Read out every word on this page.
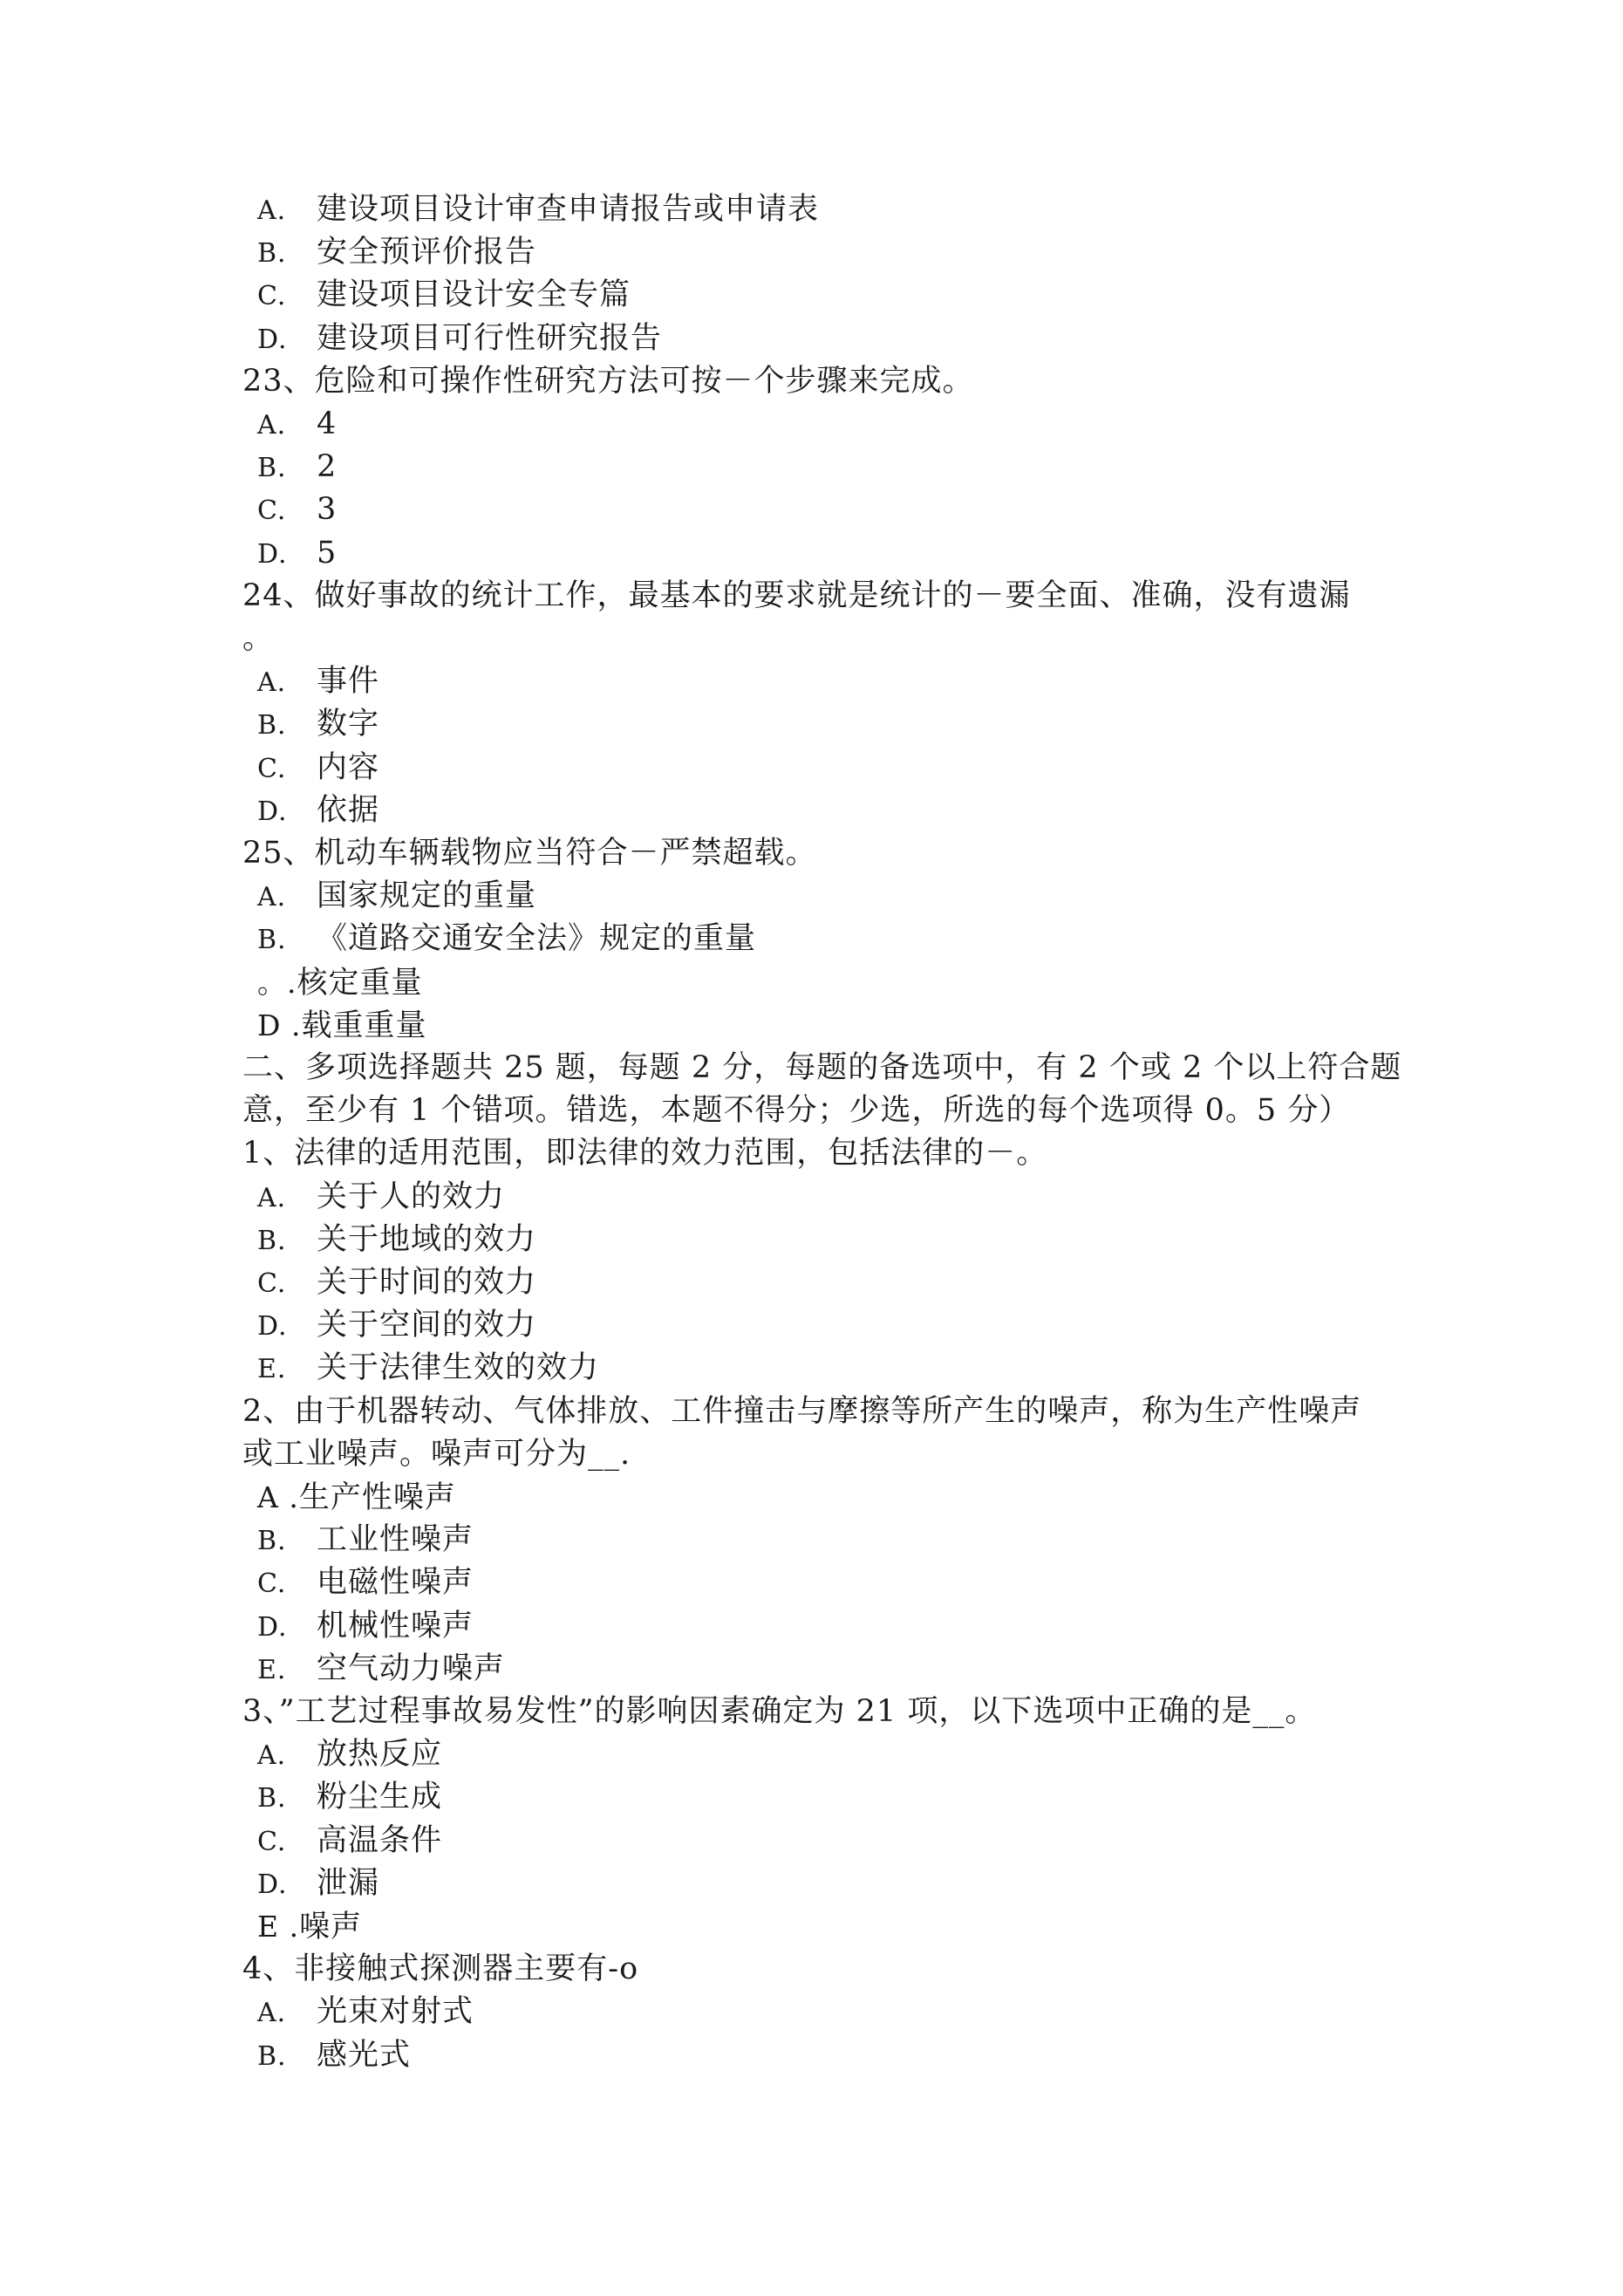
A. 建设项目设计审查申请报告或申请表
B. 安全预评价报告
C. 建设项目设计安全专篇
D. 建设项目可行性研究报告
23、危险和可操作性研究方法可按－个步骤来完成。
A. 4
B. 2
C. 3
D. 5
24、做好事故的统计工作，最基本的要求就是统计的－要全面、准确，没有遗漏
。
A. 事件
B. 数字
C. 内容
D. 依据
25、机动车辆载物应当符合－严禁超载。
A. 国家规定的重量
B. 《道路交通安全法》规定的重量
。.核定重量
D .载重重量
二、多项选择题共 25 题，每题 2 分，每题的备选项中，有 2 个或 2 个以上符合题
意，至少有 1 个错项。错选，本题不得分；少选，所选的每个选项得 0。5 分）
1、法律的适用范围，即法律的效力范围，包括法律的－。
A. 关于人的效力
B. 关于地域的效力
C. 关于时间的效力
D. 关于空间的效力
E. 关于法律生效的效力
2、由于机器转动、气体排放、工件撞击与摩擦等所产生的噪声，称为生产性噪声
或工业噪声。噪声可分为__.
A .生产性噪声
B. 工业性噪声
C. 电磁性噪声
D. 机械性噪声
E. 空气动力噪声
3、”工艺过程事故易发性”的影响因素确定为 21 项，以下选项中正确的是__。
A. 放热反应
B. 粉尘生成
C. 高温条件
D. 泄漏
E .噪声
4、非接触式探测器主要有-o
A. 光束对射式
B. 感光式
